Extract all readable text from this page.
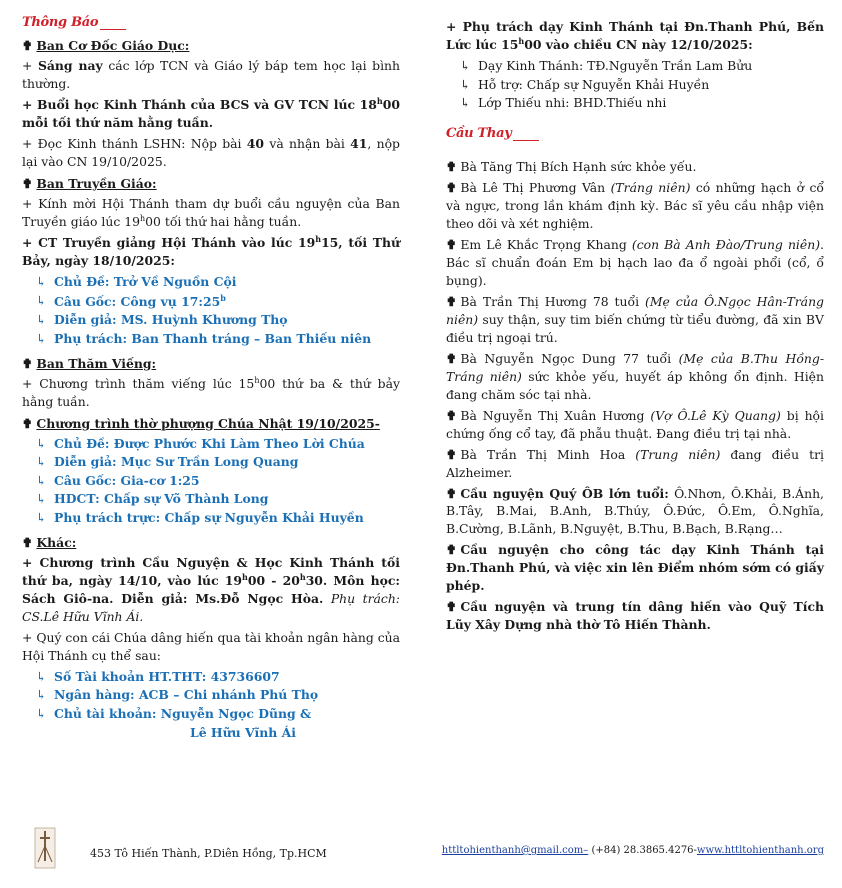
Thông Báo
✟ Ban Cơ Đốc Giáo Dục:

+ Sáng nay các lớp TCN và Giáo lý báp tem học lại bình thường.

+ Buổi học Kinh Thánh của BCS và GV TCN lúc 18$^h$00 mỗi tối thứ năm hằng tuần.

+ Đọc Kinh thánh LSHN: Nộp bài 40 và nhận bài 41, nộp lại vào CN 19/10/2025.

✟ Ban Truyền Giáo:

+ Kính mời Hội Thánh tham dự buổi cầu nguyện của Ban Truyền giáo lúc 19$^h$00 tối thứ hai hằng tuần.

+ CT Truyền giảng Hội Thánh vào lúc 19$^h$15, tối Thứ Bảy, ngày 18/10/2025:

↳ Chủ Đề: Trở Về Nguồn Cội
↳ Câu Gốc: Công vụ 17:25$^b$
↳ Diễn giả: MS. Huỳnh Khương Thọ
↳ Phụ trách: Ban Thanh tráng – Ban Thiếu niên
✟ Ban Thăm Viếng:

+ Chương trình thăm viếng lúc 15$^h$00 thứ ba & thứ bảy hằng tuần.

✟ Chương trình thờ phượng Chúa Nhật 19/10/2025-
↳ Chủ Đề: Được Phước Khi Làm Theo Lời Chúa
↳ Diễn giả: Mục Sư Trần Long Quang
↳ Câu Gốc: Gia-cơ 1:25
↳ HDCT: Chấp sự Võ Thành Long
↳ Phụ trách trực: Chấp sự Nguyễn Khải Huyền
✟ Khác:

+ Chương trình Cầu Nguyện & Học Kinh Thánh tối thứ ba, ngày 14/10, vào lúc 19$^h$00 - 20$^h$30. Môn học: Sách Giô-na. Diễn giả: Ms.Đỗ Ngọc Hòa. Phụ trách: CS.Lê Hữu Vĩnh Ái.

+ Quý con cái Chúa dâng hiến qua tài khoản ngân hàng của Hội Thánh cụ thể sau:

↳ Số Tài khoản HT.THT: 43736607
↳ Ngân hàng: ACB – Chi nhánh Phú Thọ
↳ Chủ tài khoản: Nguyễn Ngọc Dũng &
Lê Hữu Vĩnh Ái

+ Phụ trách dạy Kinh Thánh tại Đn.Thanh Phú, Bến Lức lúc 15$^h$00 vào chiều CN này 12/10/2025:

↳ Dạy Kinh Thánh: TĐ.Nguyễn Trần Lam Bửu
↳ Hỗ trợ: Chấp sự Nguyễn Khải Huyền
↳ Lớp Thiếu nhi: BHD.Thiếu nhi
Cầu Thay

✟ Bà Tăng Thị Bích Hạnh sức khỏe yếu.

✟ Bà Lê Thị Phương Vân (Tráng niên) có những hạch ở cổ và ngực, trong lần khám định kỳ. Bác sĩ yêu cầu nhập viện theo dõi và xét nghiệm.

✟ Em Lê Khắc Trọng Khang (con Bà Anh Đào/Trung niên). Bác sĩ chuẩn đoán Em bị hạch lao đa ổ ngoài phổi (cổ, ổ bụng).

✟ Bà Trần Thị Hương 78 tuổi (Mẹ của Ô.Ngọc Hân-Tráng niên) suy thận, suy tim biến chứng từ tiểu đường, đã xin BV điều trị ngoại trú.

✟ Bà Nguyễn Ngọc Dung 77 tuổi (Mẹ của B.Thu Hồng-Tráng niên) sức khỏe yếu, huyết áp không ổn định. Hiện đang chăm sóc tại nhà.

✟ Bà Nguyễn Thị Xuân Hương (Vợ Ô.Lê Kỳ Quang) bị hội chứng ống cổ tay, đã phẫu thuật. Đang điều trị tại nhà.

✟ Bà Trần Thị Minh Hoa (Trung niên) đang điều trị Alzheimer.

✟ Cầu nguyện Quý ÔB lớn tuổi: Ô.Nhơn, Ô.Khải, B.Ánh, B.Tây, B.Mai, B.Anh, B.Thúy, Ô.Đức, Ô.Em, Ô.Nghĩa, B.Cường, B.Lãnh, B.Nguyệt, B.Thu, B.Bạch, B.Rạng…

✟ Cầu nguyện cho công tác dạy Kinh Thánh tại Đn.Thanh Phú, và việc xin lên Điểm nhóm sớm có giấy phép.

✟ Cầu nguyện và trung tín dâng hiến vào Quỹ Tích Lũy Xây Dựng nhà thờ Tô Hiến Thành.

453 Tô Hiến Thành, P.Diên Hồng, Tp.HCM	httltohienthanh@gmail.com– (+84) 28.3865.4276-www.httltohienthanh.org
